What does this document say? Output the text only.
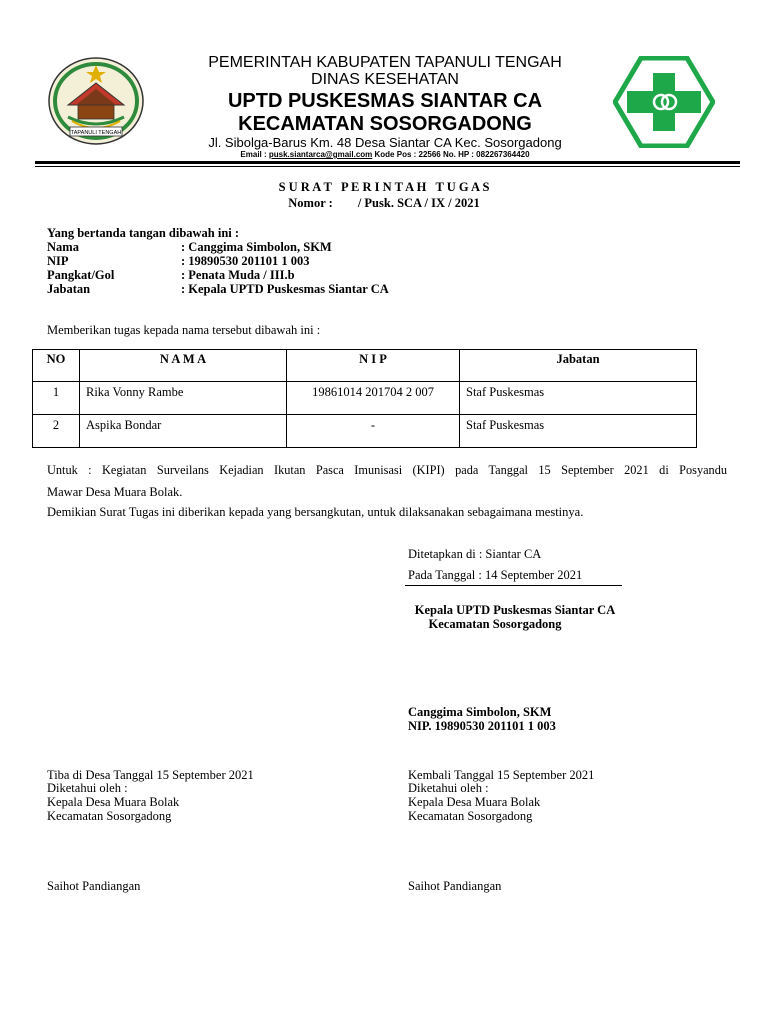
TAPANULI TENGAH
PEMERINTAH KABUPATEN TAPANULI TENGAH
DINAS KESEHATAN
UPTD PUSKESMAS SIANTAR CA
KECAMATAN SOSORGADONG
Jl. Sibolga-Barus Km. 48 Desa Siantar CA Kec. Sosorgadong
Email : pusk.siantarca@gmail.com Kode Pos : 22566 No. HP : 082267364420
S U R A T   P E R I N T A H   T U G A S
Nomor :        / Pusk. SCA / IX / 2021
Yang bertanda tangan dibawah ini :
Nama	: Canggima Simbolon, SKM
NIP	: 19890530 201101 1 003
Pangkat/Gol	: Penata Muda / III.b
Jabatan	: Kepala UPTD Puskesmas Siantar CA
Memberikan tugas kepada nama tersebut dibawah ini :
NO	N A M A	N I P	Jabatan
1	Rika Vonny Rambe	19861014 201704 2 007	Staf Puskesmas
2	Aspika Bondar	-	Staf Puskesmas
Untuk : Kegiatan Surveilans Kejadian Ikutan Pasca Imunisasi (KIPI) pada Tanggal 15 September 2021 di Posyandu
Mawar Desa Muara Bolak.
Demikian Surat Tugas ini diberikan kepada yang bersangkutan, untuk dilaksanakan sebagaimana mestinya.
Ditetapkan di : Siantar CA
Pada Tanggal : 14 September 2021
Kepala UPTD Puskesmas Siantar CA
Kecamatan Sosorgadong
Canggima Simbolon, SKM
NIP. 19890530 201101 1 003
Tiba di Desa Tanggal 15 September 2021
Diketahui oleh :
Kepala Desa Muara Bolak
Kecamatan Sosorgadong
Saihot Pandiangan
Kembali Tanggal 15 September 2021
Diketahui oleh :
Kepala Desa Muara Bolak
Kecamatan Sosorgadong
Saihot Pandiangan
